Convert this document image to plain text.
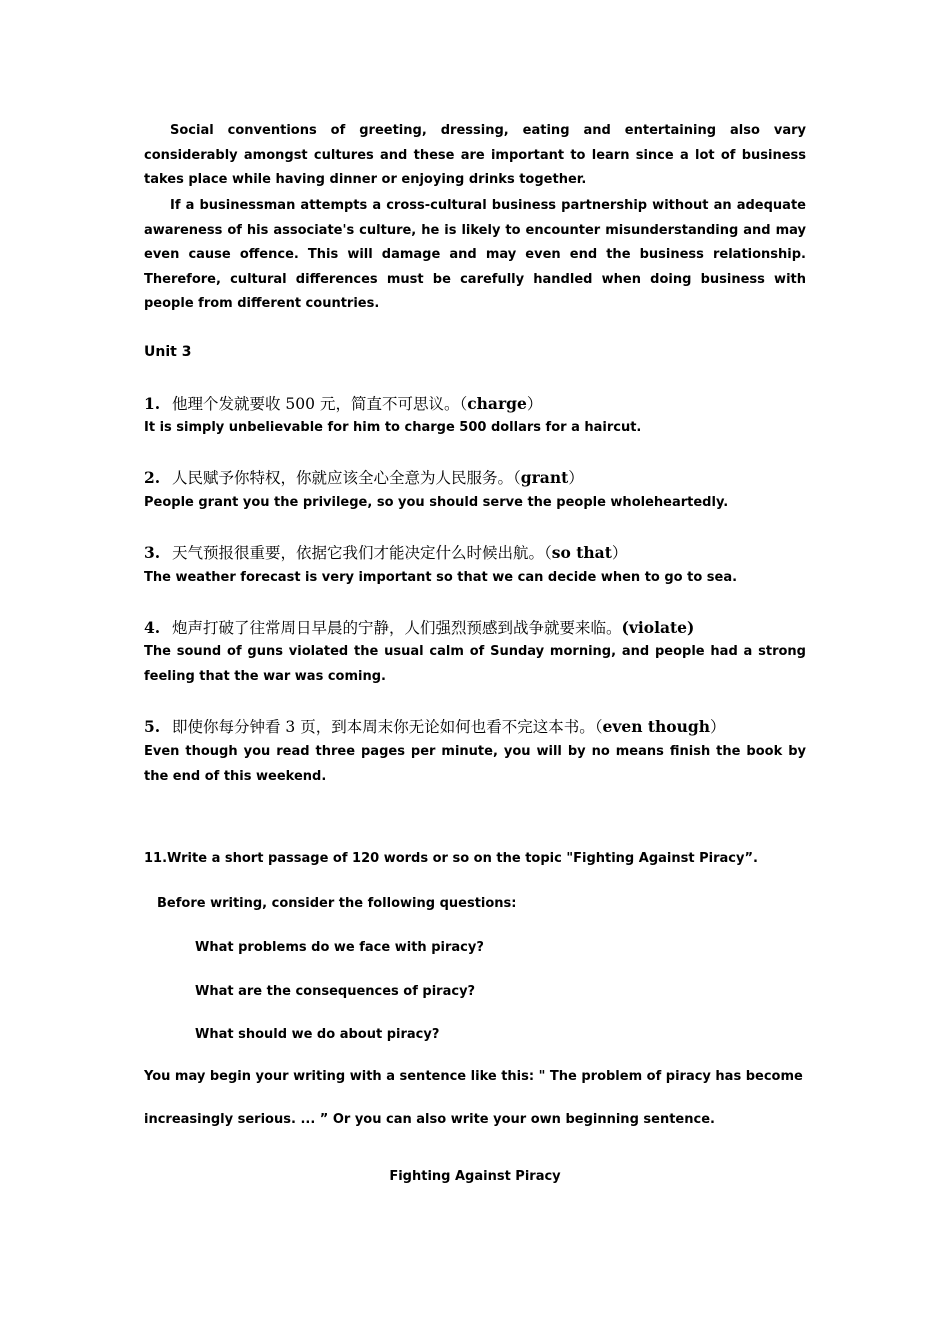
Social conventions of greeting, dressing, eating and entertaining also vary considerably amongst cultures and these are important to learn since a lot of business takes place while having dinner or enjoying drinks together.

If a businessman attempts a cross-cultural business partnership without an adequate awareness of his associate's culture, he is likely to encounter misunderstanding and may even cause offence. This will damage and may even end the business relationship. Therefore, cultural differences must be carefully handled when doing business with people from different countries.

Unit 3

1. 他理个发就要收 500 元，简直不可思议。（charge）

It is simply unbelievable for him to charge 500 dollars for a haircut.

2. 人民赋予你特权，你就应该全心全意为人民服务。（grant）

People grant you the privilege, so you should serve the people wholeheartedly.

3. 天气预报很重要，依据它我们才能决定什么时候出航。（so that）

The weather forecast is very important so that we can decide when to go to sea.

4. 炮声打破了往常周日早晨的宁静，人们强烈预感到战争就要来临。(violate)

The sound of guns violated the usual calm of Sunday morning, and people had a strong feeling that the war was coming.

5. 即使你每分钟看 3 页，到本周末你无论如何也看不完这本书。（even though）

Even though you read three pages per minute, you will by no means finish the book by the end of this weekend.

11.Write a short passage of 120 words or so on the topic "Fighting Against Piracy”.

Before writing, consider the following questions:

What problems do we face with piracy?

What are the consequences of piracy?

What should we do about piracy?

You may begin your writing with a sentence like this: " The problem of piracy has become

increasingly serious. ... ” Or you can also write your own beginning sentence.

Fighting Against Piracy
